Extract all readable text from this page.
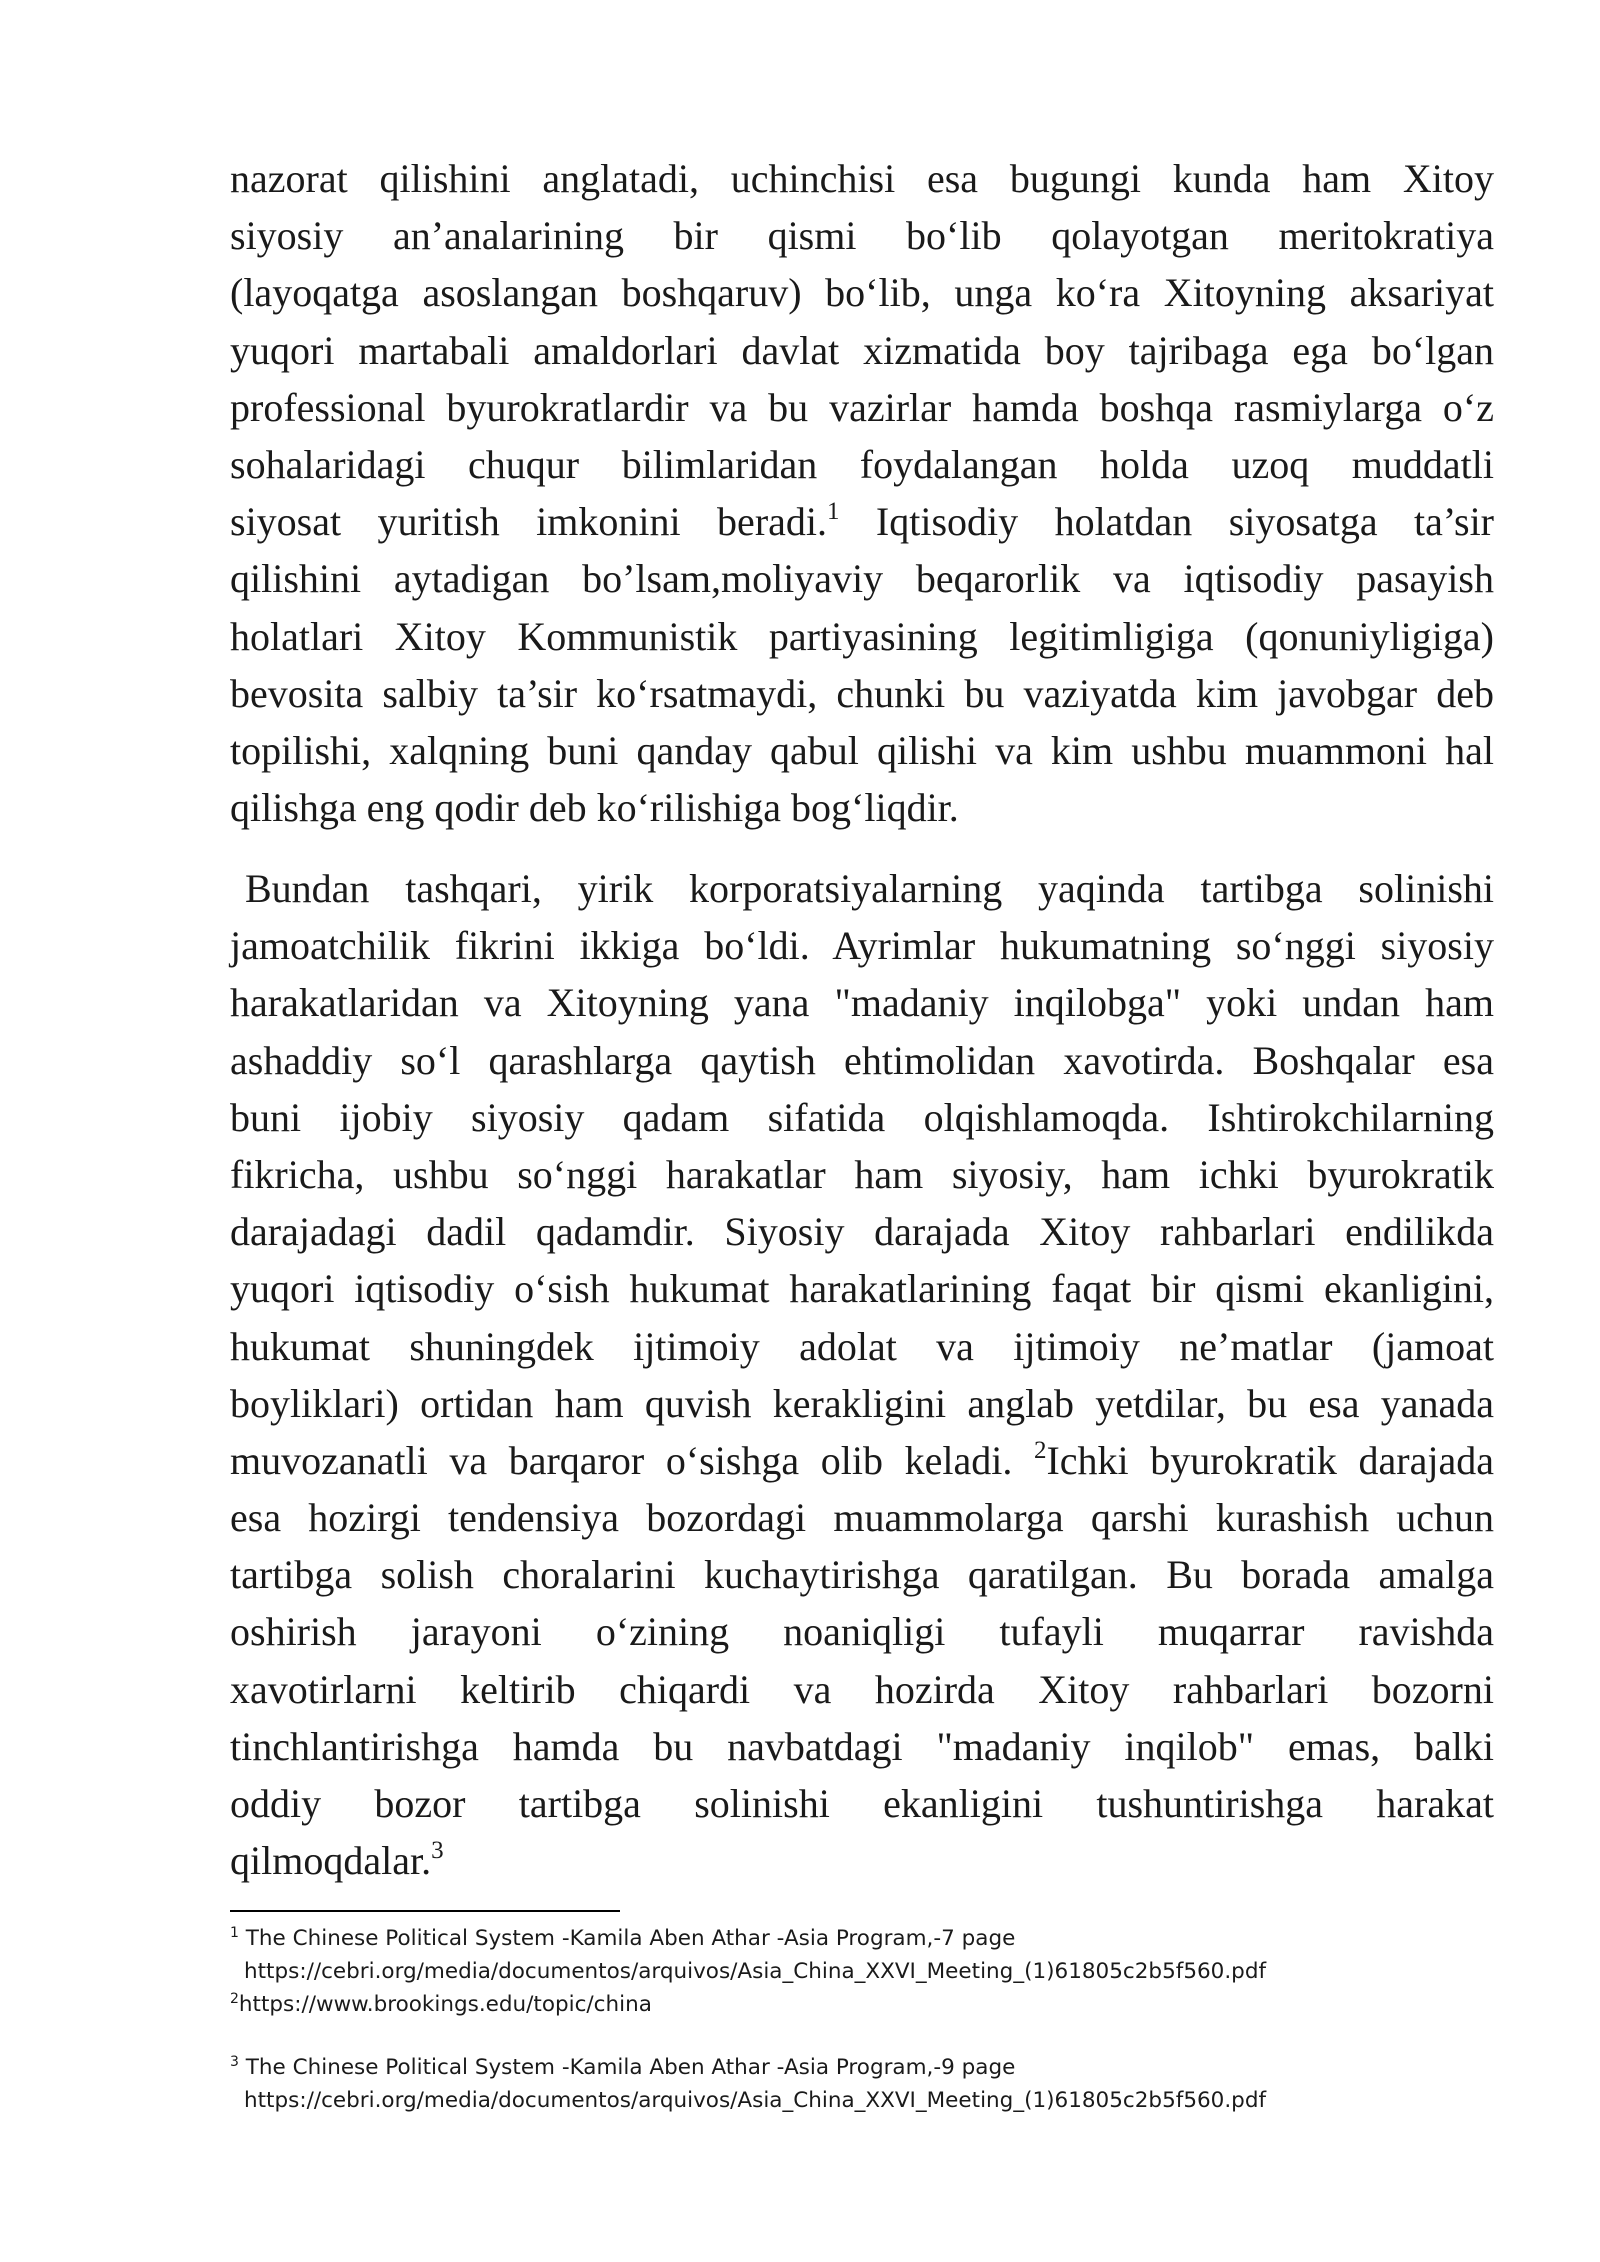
nazorat qilishini anglatadi, uchinchisi esa bugungi kunda ham Xitoy
siyosiy an’analarining bir qismi bo‘lib qolayotgan meritokratiya
(layoqatga asoslangan boshqaruv) bo‘lib, unga ko‘ra Xitoyning aksariyat
yuqori martabali amaldorlari davlat xizmatida boy tajribaga ega bo‘lgan
professional byurokratlardir va bu vazirlar hamda boshqa rasmiylarga o‘z
sohalaridagi chuqur bilimlaridan foydalangan holda uzoq muddatli
siyosat yuritish imkonini beradi.$^1$ Iqtisodiy holatdan siyosatga ta’sir
qilishini aytadigan bo’lsam,moliyaviy beqarorlik va iqtisodiy pasayish
holatlari Xitoy Kommunistik partiyasining legitimligiga (qonuniyligiga)
bevosita salbiy ta’sir ko‘rsatmaydi, chunki bu vaziyatda kim javobgar deb
topilishi, xalqning buni qanday qabul qilishi va kim ushbu muammoni hal
qilishga eng qodir deb ko‘rilishiga bog‘liqdir.
Bundan tashqari, yirik korporatsiyalarning yaqinda tartibga solinishi
jamoatchilik fikrini ikkiga bo‘ldi. Ayrimlar hukumatning so‘nggi siyosiy
harakatlaridan va Xitoyning yana "madaniy inqilobga" yoki undan ham
ashaddiy so‘l qarashlarga qaytish ehtimolidan xavotirda. Boshqalar esa
buni ijobiy siyosiy qadam sifatida olqishlamoqda. Ishtirokchilarning
fikricha, ushbu so‘nggi harakatlar ham siyosiy, ham ichki byurokratik
darajadagi dadil qadamdir. Siyosiy darajada Xitoy rahbarlari endilikda
yuqori iqtisodiy o‘sish hukumat harakatlarining faqat bir qismi ekanligini,
hukumat shuningdek ijtimoiy adolat va ijtimoiy ne’matlar (jamoat
boyliklari) ortidan ham quvish kerakligini anglab yetdilar, bu esa yanada
muvozanatli va barqaror o‘sishga olib keladi. $^2$Ichki byurokratik darajada
esa hozirgi tendensiya bozordagi muammolarga qarshi kurashish uchun
tartibga solish choralarini kuchaytirishga qaratilgan. Bu borada amalga
oshirish jarayoni o‘zining noaniqligi tufayli muqarrar ravishda
xavotirlarni keltirib chiqardi va hozirda Xitoy rahbarlari bozorni
tinchlantirishga hamda bu navbatdagi "madaniy inqilob" emas, balki
oddiy bozor tartibga solinishi ekanligini tushuntirishga harakat
qilmoqdalar.$^3$
$^1$ The Chinese Political System -Kamila Aben Athar -Asia Program,-7 page
https://cebri.org/media/documentos/arquivos/Asia_China_XXVI_Meeting_(1)61805c2b5f560.pdf
$^2$https://www.brookings.edu/topic/china
$^3$ The Chinese Political System -Kamila Aben Athar -Asia Program,-9 page
https://cebri.org/media/documentos/arquivos/Asia_China_XXVI_Meeting_(1)61805c2b5f560.pdf
